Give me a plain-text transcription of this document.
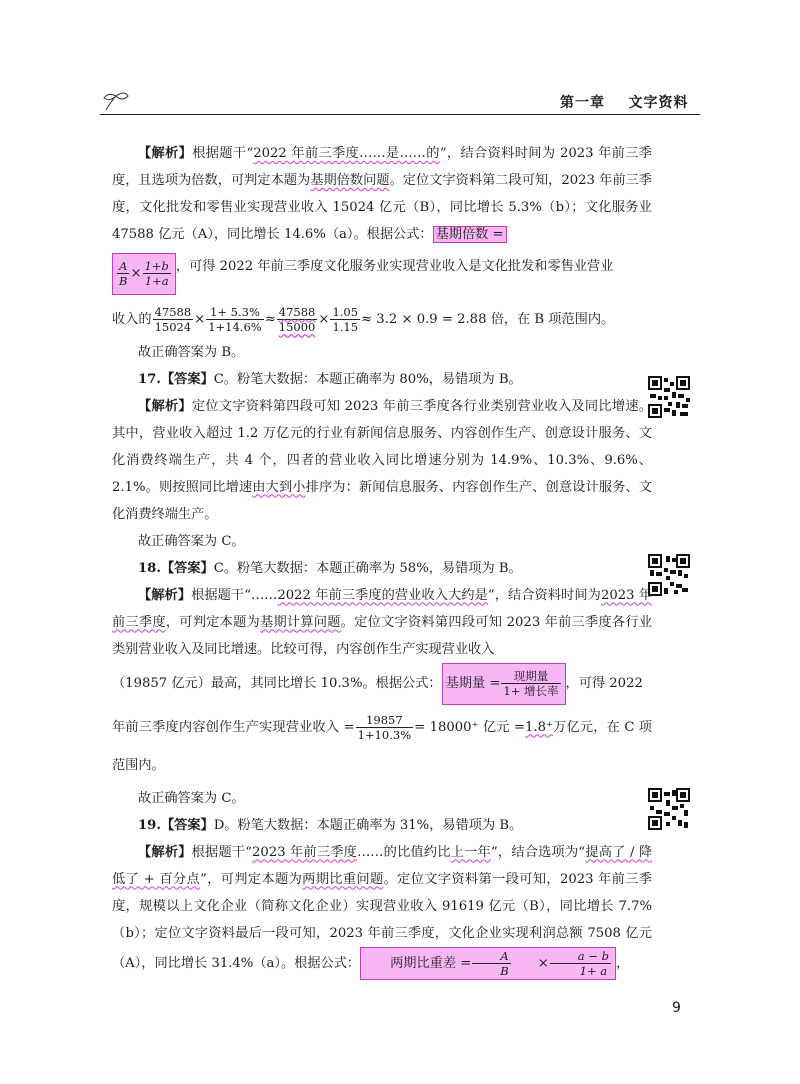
第一章    文字资料

【解析】根据题干“2022 年前三季度……是……的”，结合资料时间为 2023 年前三季度，且选项为倍数，可判定本题为基期倍数问题。定位文字资料第二段可知，2023 年前三季度，文化批发和零售业实现营业收入 15024 亿元（B），同比增长 5.3%（b）；文化服务业 47588 亿元（A），同比增长 14.6%（a）。根据公式： 基期倍数 =

$\frac{A}{B} \times \frac{1+b}{1+a}$ ，可得 2022 年前三季度文化服务业实现营业收入是文化批发和零售业营业

收入的 $\frac{47588}{15024} \times \frac{1+ 5.3\%}{1+14.6\%} \approx \frac{47588}{15000} \times \frac{1.05}{1.15} \approx 3.2 \times 0.9 = 2.88$ 倍，在 B 项范围内。

故正确答案为 B。

17.【答案】C。粉笔大数据：本题正确率为 80%，易错项为 B。

【解析】定位文字资料第四段可知 2023 年前三季度各行业类别营业收入及同比增速。其中，营业收入超过 1.2 万亿元的行业有新闻信息服务、内容创作生产、创意设计服务、文化消费终端生产，共 4 个，四者的营业收入同比增速分别为 14.9%、10.3%、9.6%、2.1%。则按照同比增速由大到小排序为：新闻信息服务、内容创作生产、创意设计服务、文化消费终端生产。

故正确答案为 C。

18.【答案】C。粉笔大数据：本题正确率为 58%，易错项为 B。

【解析】根据题干“……2022 年前三季度的营业收入大约是”，结合资料时间为2023 年前三季度，可判定本题为基期计算问题。定位文字资料第四段可知 2023 年前三季度各行业类别营业收入及同比增速。比较可得，内容创作生产实现营业收入

（19857 亿元）最高，其同比增长 10.3%。根据公式： 基期量 = $\frac{\text{现期量}}{\text{1+ 增长率}}$ ，可得 2022

年前三季度内容创作生产实现营业收入 = $\frac{19857}{1+10.3\%} = 18000^+$ 亿元 =1.8⁺万亿元，在 C 项范围内。

故正确答案为 C。

19.【答案】D。粉笔大数据：本题正确率为 31%，易错项为 B。

【解析】根据题干“2023 年前三季度……的比值约比上一年”，结合选项为“提高了 / 降低了 + 百分点”，可判定本题为两期比重问题。定位文字资料第一段可知，2023 年前三季度，规模以上文化企业（简称文化企业）实现营业收入 91619 亿元（B），同比增长 7.7%（b）；定位文字资料最后一段可知，2023 年前三季度，文化企业实现利润总额 7508 亿元（A），同比增长 31.4%（a）。根据公式：	两期比重差 = $\frac{A}{B}$	× $\frac{a - b}{1+ a}$ ，

9
